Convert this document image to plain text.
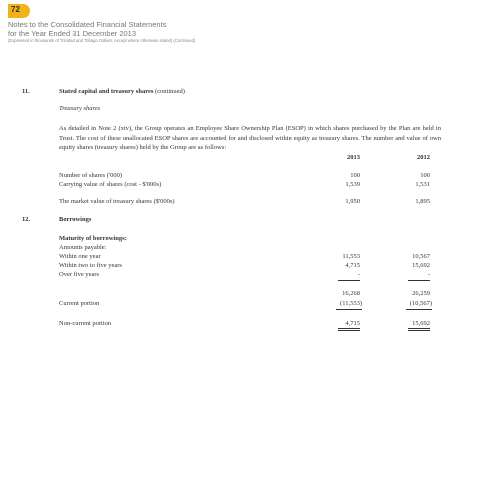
72
Notes to the Consolidated Financial Statements
for the Year Ended 31 December 2013
(Expressed in thousands of Trinidad and Tobago Dollars, except where otherwise stated) (Continued)
11.	Stated capital and treasury shares (continued)
Treasury shares
As detailed in Note 2 (xiv), the Group operates an Employee Share Ownership Plan (ESOP) in which shares purchased by the Plan are held in Trust. The cost of these unallocated ESOP shares are accounted for and disclosed within equity as treasury shares. The number and value of own equity shares (treasury shares) held by the Group are as follows:
2013	2012
Number of shares ('000)	100	100
Carrying value of shares (cost - $'000s)	1,539	1,531
The market value of treasury shares ($'000s)	1,950	1,895
12.	Borrowings
Maturity of borrowings:
Amounts payable:
Within one year	11,553	10,567
Within two to five years	4,715	15,692
Over five years	-	-
16,268	26,259
Current portion	(11,553)	(10,567)
Non-current portion	4,715	15,692
